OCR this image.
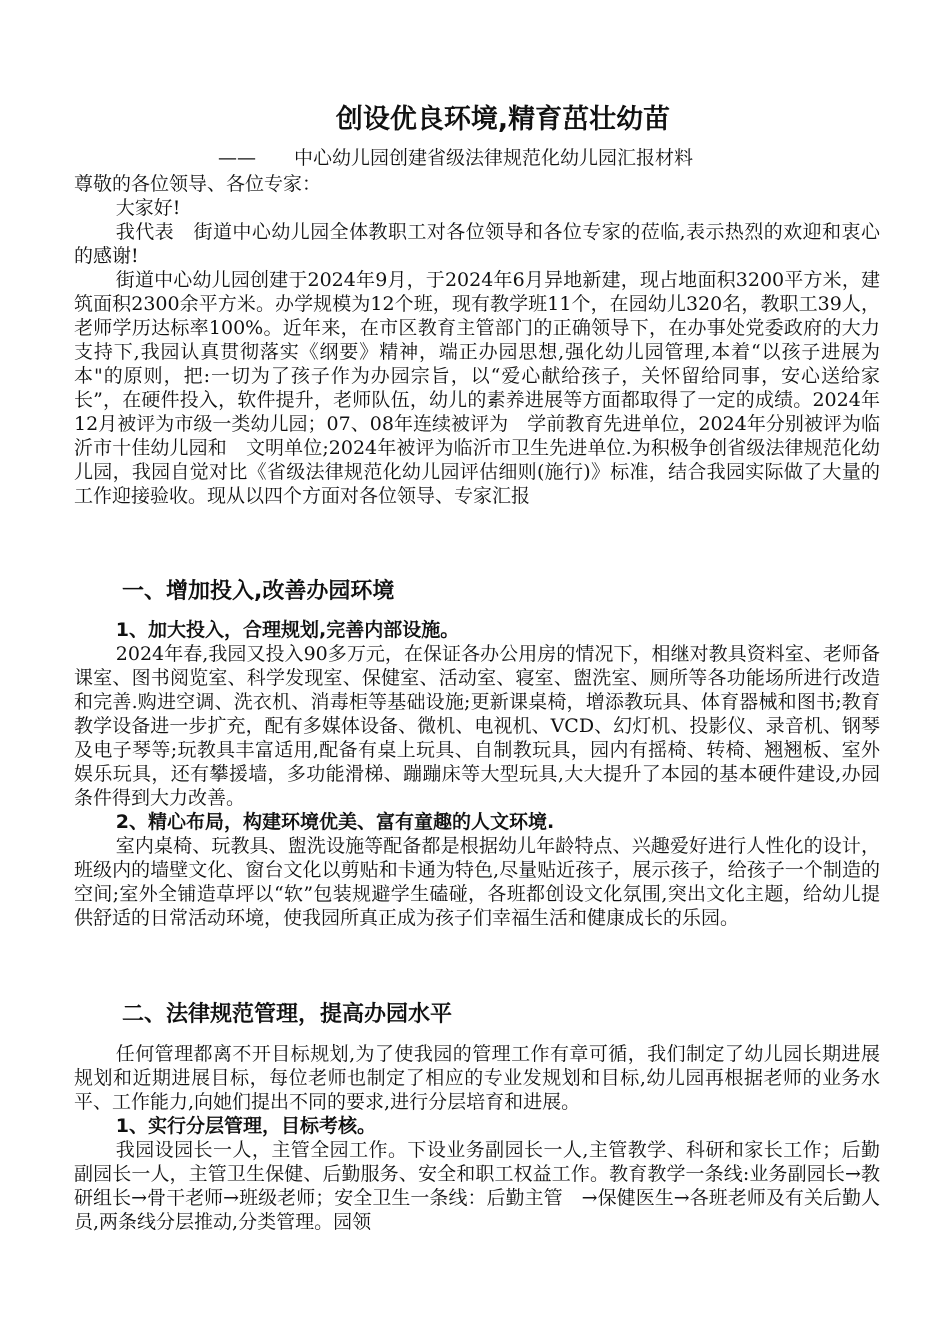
创设优良环境,精育茁壮幼苗
——　　中心幼儿园创建省级法律规范化幼儿园汇报材料

尊敬的各位领导、各位专家：

大家好!

我代表　街道中心幼儿园全体教职工对各位领导和各位专家的莅临,表示热烈的欢迎和衷心的感谢!

街道中心幼儿园创建于2024年9月，于2024年6月异地新建，现占地面积3200平方米，建筑面积2300余平方米。办学规模为12个班，现有教学班11个，在园幼儿320名，教职工39人，老师学历达标率100%。近年来，在市区教育主管部门的正确领导下，在办事处党委政府的大力支持下,我园认真贯彻落实《纲要》精神，端正办园思想,强化幼儿园管理,本着“以孩子进展为本"的原则，把:一切为了孩子作为办园宗旨，以“爱心献给孩子，关怀留给同事，安心送给家长”，在硬件投入，软件提升，老师队伍，幼儿的素养进展等方面都取得了一定的成绩。2024年12月被评为市级一类幼儿园；07、08年连续被评为　学前教育先进单位，2024年分别被评为临沂市十佳幼儿园和　文明单位;2024年被评为临沂市卫生先进单位.为积极争创省级法律规范化幼儿园，我园自觉对比《省级法律规范化幼儿园评估细则(施行)》标准，结合我园实际做了大量的工作迎接验收。现从以四个方面对各位领导、专家汇报

一、增加投入,改善办园环境

1、加大投入，合理规划,完善内部设施。

2024年春,我园又投入90多万元，在保证各办公用房的情况下，相继对教具资料室、老师备课室、图书阅览室、科学发现室、保健室、活动室、寝室、盥洗室、厕所等各功能场所进行改造和完善.购进空调、洗衣机、消毒柜等基础设施;更新课桌椅，增添教玩具、体育器械和图书;教育教学设备进一步扩充，配有多媒体设备、微机、电视机、VCD、幻灯机、投影仪、录音机、钢琴及电子琴等;玩教具丰富适用,配备有桌上玩具、自制教玩具，园内有摇椅、转椅、翘翘板、室外娱乐玩具，还有攀援墙，多功能滑梯、蹦蹦床等大型玩具,大大提升了本园的基本硬件建设,办园条件得到大力改善。

2、精心布局，构建环境优美、富有童趣的人文环境.

室内桌椅、玩教具、盥洗设施等配备都是根据幼儿年龄特点、兴趣爱好进行人性化的设计，班级内的墙壁文化、窗台文化以剪贴和卡通为特色,尽量贴近孩子，展示孩子，给孩子一个制造的空间;室外全铺造草坪以“软”包装规避学生磕碰，各班都创设文化氛围,突出文化主题，给幼儿提供舒适的日常活动环境，使我园所真正成为孩子们幸福生活和健康成长的乐园。

二、法律规范管理，提高办园水平

任何管理都离不开目标规划,为了使我园的管理工作有章可循，我们制定了幼儿园长期进展规划和近期进展目标，每位老师也制定了相应的专业发规划和目标,幼儿园再根据老师的业务水平、工作能力,向她们提出不同的要求,进行分层培育和进展。

1、实行分层管理，目标考核。

我园设园长一人，主管全园工作。下设业务副园长一人,主管教学、科研和家长工作；后勤副园长一人，主管卫生保健、后勤服务、安全和职工权益工作。教育教学一条线:业务副园长→教研组长→骨干老师→班级老师；安全卫生一条线：后勤主管　→保健医生→各班老师及有关后勤人员,两条线分层推动,分类管理。园领
